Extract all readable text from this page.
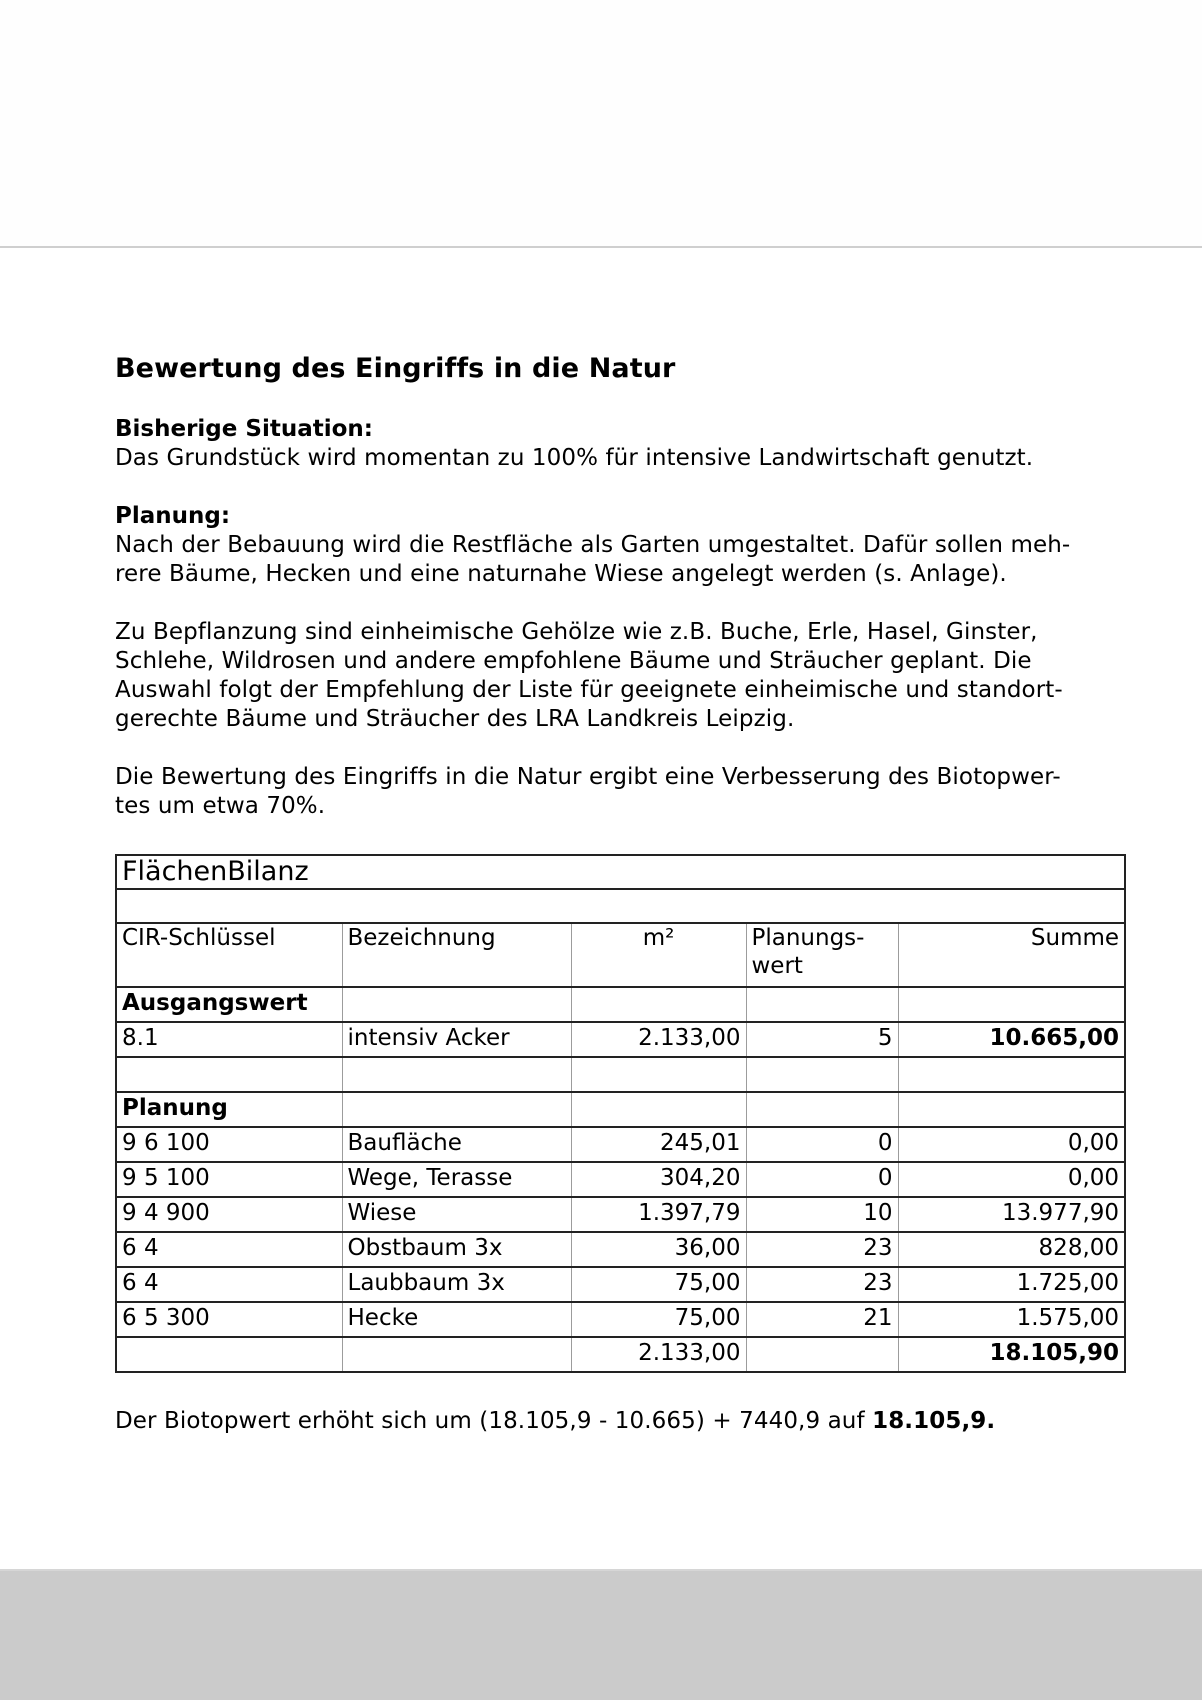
Bewertung des Eingriffs in die Natur

Bisherige Situation:

Das Grundstück wird momentan zu 100% für intensive Landwirtschaft genutzt.

Planung:

Nach der Bebauung wird die Restfläche als Garten umgestaltet. Dafür sollen meh-

rere Bäume, Hecken und eine naturnahe Wiese angelegt werden (s. Anlage).

Zu Bepflanzung sind einheimische Gehölze wie z.B. Buche, Erle, Hasel, Ginster,

Schlehe, Wildrosen und andere empfohlene Bäume und Sträucher geplant. Die

Auswahl folgt der Empfehlung der Liste für geeignete einheimische und standort-

gerechte Bäume und Sträucher des LRA Landkreis Leipzig.

Die Bewertung des Eingriffs in die Natur ergibt eine Verbesserung des Biotopwer-

tes um etwa 70%.

FlächenBilanz				

CIR-Schlüssel	Bezeichnung	m²	Planungs-
wert	Summe
Ausgangswert				
8.1	intensiv Acker	2.133,00	5	10.665,00

Planung				
9 6 100	Baufläche	245,01	0	0,00
9 5 100	Wege, Terasse	304,20	0	0,00
9 4 900	Wiese	1.397,79	10	13.977,90
6 4	Obstbaum 3x	36,00	23	828,00
6 4	Laubbaum 3x	75,00	23	1.725,00
6 5 300	Hecke	75,00	21	1.575,00
		2.133,00		18.105,90

Der Biotopwert erhöht sich um (18.105,9 - 10.665) + 7440,9 auf 18.105,9.
